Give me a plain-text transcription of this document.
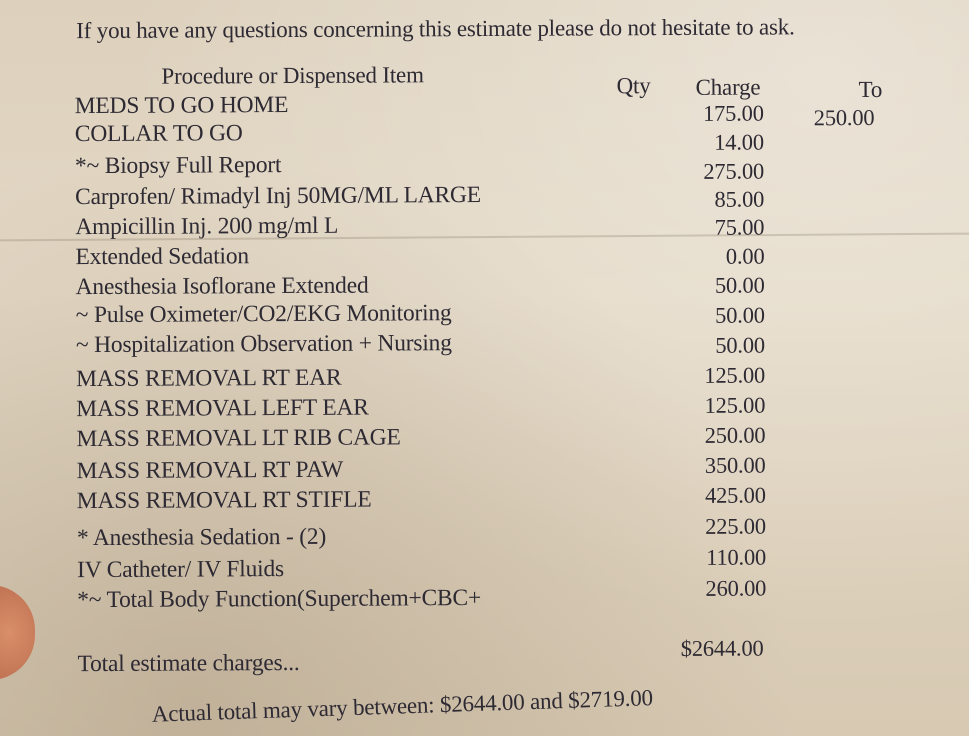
If you have any questions concerning this estimate please do not hesitate to ask.
Procedure or Dispensed Item	Qty Charge	To
MEDS TO GO HOME
COLLAR TO GO
*~ Biopsy Full Report
Carprofen/ Rimadyl Inj 50MG/ML LARGE
Ampicillin Inj. 200 mg/ml L
Extended Sedation
Anesthesia Isoflorane Extended
~ Pulse Oximeter/CO2/EKG Monitoring
~ Hospitalization Observation + Nursing
MASS REMOVAL RT EAR
MASS REMOVAL LEFT EAR
MASS REMOVAL LT RIB CAGE
MASS REMOVAL RT PAW
MASS REMOVAL RT STIFLE
* Anesthesia Sedation - (2)
IV Catheter/ IV Fluids
*~ Total Body Function(Superchem+CBC+
175.00
14.00
275.00
85.00
75.00
0.00
50.00
50.00
50.00
125.00
125.00
250.00
350.00
425.00
225.00
110.00
260.00
250.00
$2644.00
Total estimate charges...
Actual total may vary between: $2644.00 and $2719.00
